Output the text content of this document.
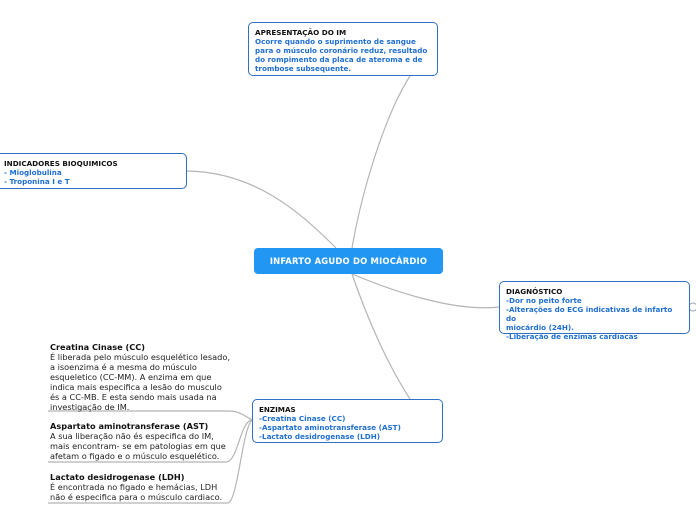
APRESENTAÇÃO DO IM
Ocorre quando o suprimento de sangue
para o músculo coronário reduz, resultado
do rompimento da placa de ateroma e de
trombose subsequente.
INDICADORES BIOQUIMICOS
- Mioglobulina
- Troponina I e T
INFARTO AGUDO DO MIOCÁRDIO
DIAGNÓSTICO
-Dor no peito forte
-Alterações do ECG indicativas de infarto do
miocárdio (24H).
-Liberação de enzimas cardíacas
ENZIMAS
-Creatina Cinase (CC)
-Aspartato aminotransferase (AST)
-Lactato desidrogenase (LDH)
Creatina Cinase (CC)
É liberada pelo músculo esquelético lesado,
a isoenzima é a mesma do músculo
esqueletico (CC-MM). A enzima em que
indica mais especifica a lesão do musculo
és a CC-MB. E esta sendo mais usada na
investigação de IM.
Aspartato aminotransferase (AST)
A sua liberação não és especifica do IM,
mais encontram- se em patologias em que
afetam o figado e o músculo esquelético.
Lactato desidrogenase (LDH)
É encontrada no figado e hemácias, LDH
não é especifica para o músculo cardiaco.
